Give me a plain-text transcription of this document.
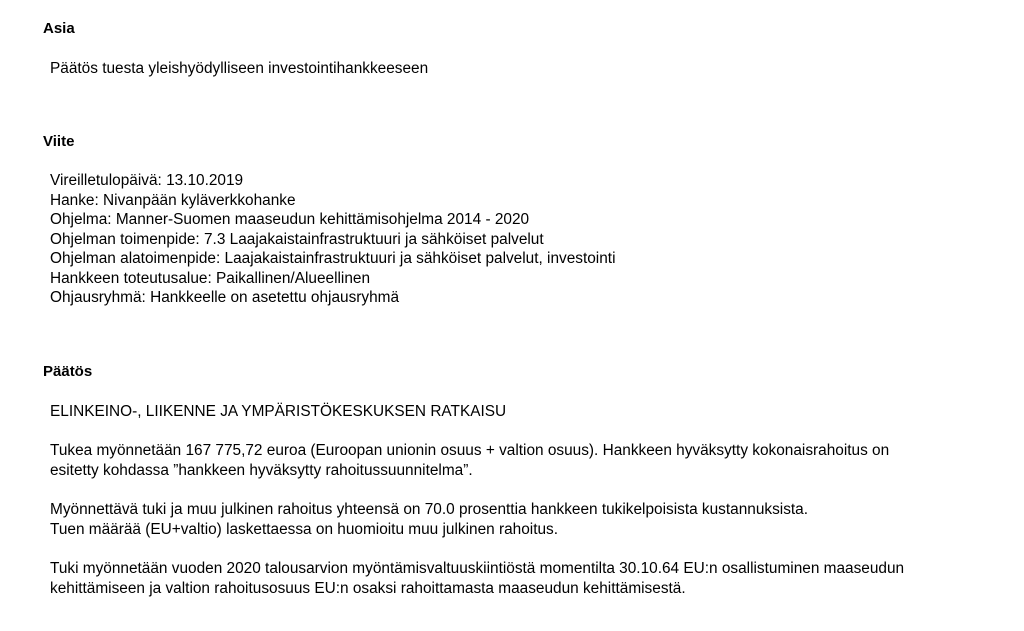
Asia

Päätös tuesta yleishyödylliseen investointihankkeeseen

Viite
Vireilletulopäivä: 13.10.2019
Hanke: Nivanpään kyläverkkohanke
Ohjelma: Manner-Suomen maaseudun kehittämisohjelma 2014 - 2020
Ohjelman toimenpide: 7.3 Laajakaistainfrastruktuuri ja sähköiset palvelut
Ohjelman alatoimenpide: Laajakaistainfrastruktuuri ja sähköiset palvelut, investointi
Hankkeen toteutusalue: Paikallinen/Alueellinen
Ohjausryhmä: Hankkeelle on asetettu ohjausryhmä
Päätös

ELINKEINO-, LIIKENNE JA YMPÄRISTÖKESKUKSEN RATKAISU

Tukea myönnetään 167 775,72 euroa (Euroopan unionin osuus + valtion osuus). Hankkeen hyväksytty kokonaisrahoitus on
esitetty kohdassa ”hankkeen hyväksytty rahoitussuunnitelma”.
Myönnettävä tuki ja muu julkinen rahoitus yhteensä on 70.0 prosenttia hankkeen tukikelpoisista kustannuksista.
Tuen määrää (EU+valtio) laskettaessa on huomioitu muu julkinen rahoitus.
Tuki myönnetään vuoden 2020 talousarvion myöntämisvaltuuskiintiöstä momentilta 30.10.64 EU:n osallistuminen maaseudun
kehittämiseen ja valtion rahoitusosuus EU:n osaksi rahoittamasta maaseudun kehittämisestä.
